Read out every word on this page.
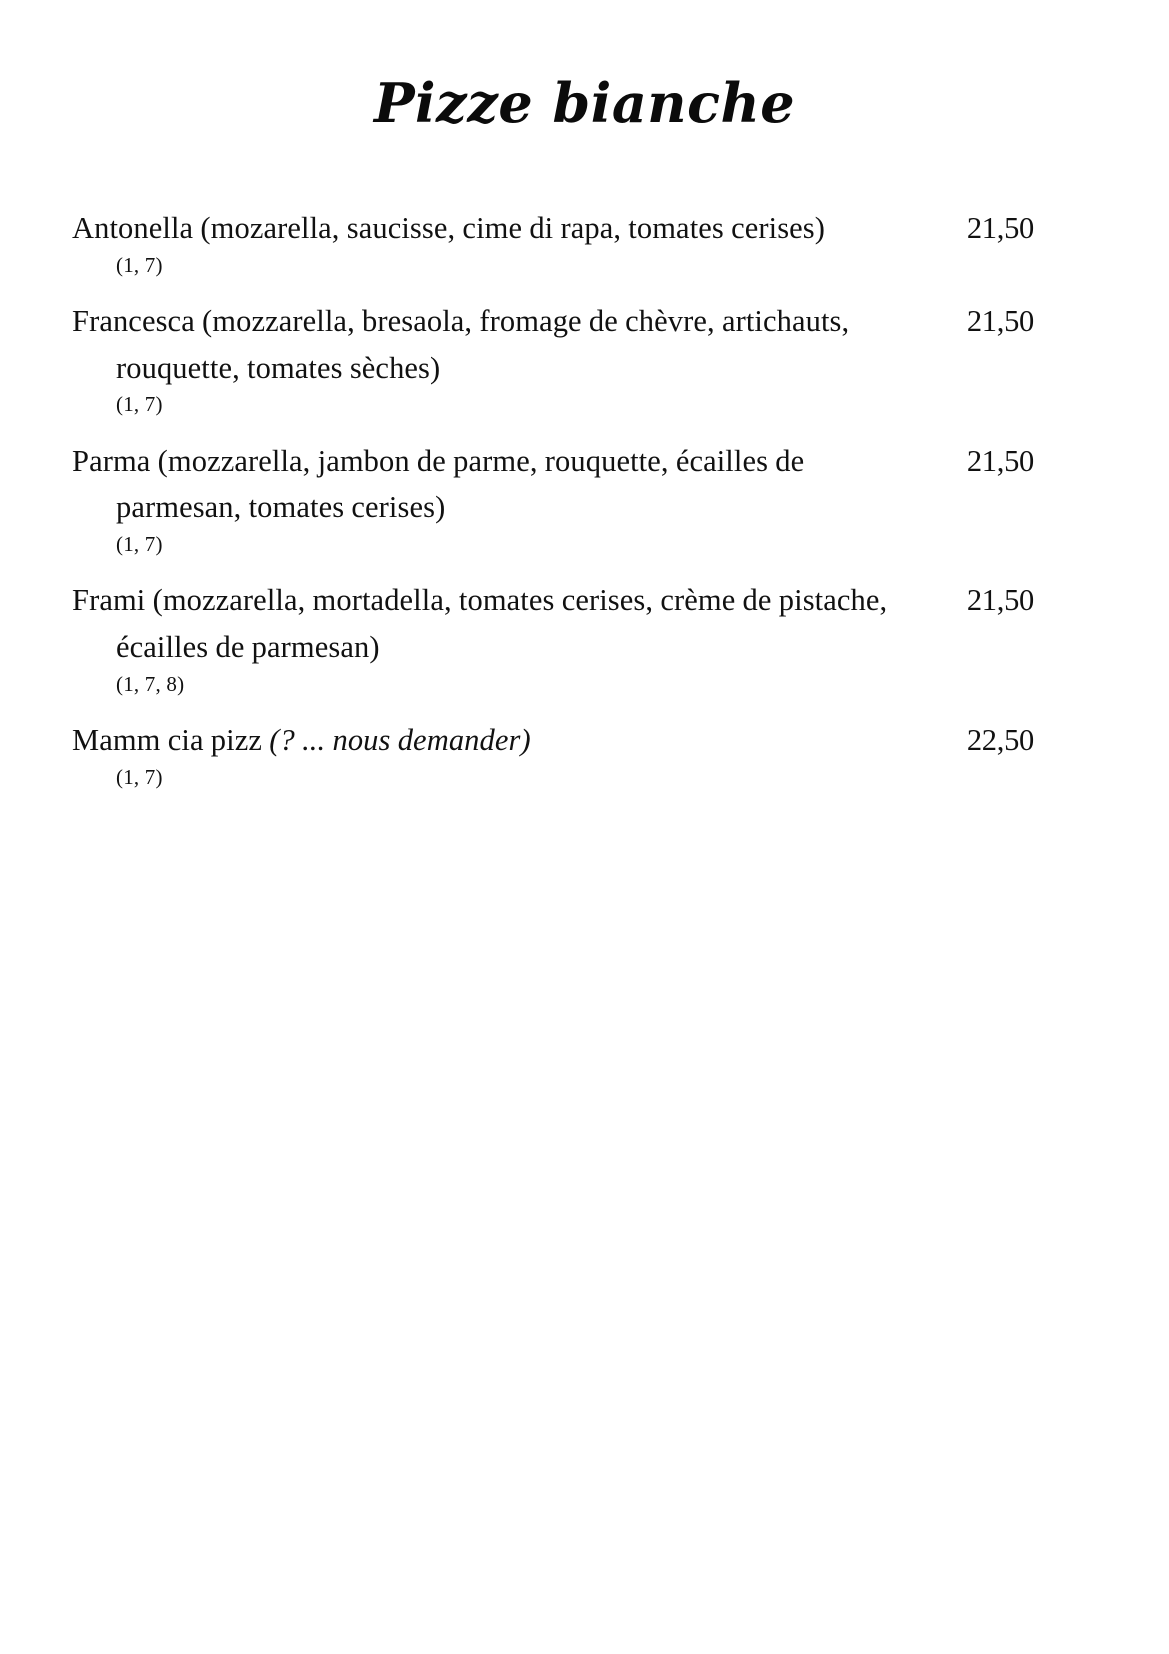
Pizze bianche
Antonella (mozarella, saucisse, cime di rapa, tomates cerises)	21,50
(1, 7)
Francesca (mozzarella, bresaola, fromage de chèvre, artichauts, rouquette, tomates sèches)
21,50
(1, 7)
Parma (mozzarella, jambon de parme, rouquette, écailles de parmesan, tomates cerises)
21,50
(1, 7)
Frami (mozzarella, mortadella, tomates cerises, crème de pistache, écailles de parmesan)
21,50
(1, 7, 8)
Mamm cia pizz (? ... nous demander)	22,50
(1, 7)
